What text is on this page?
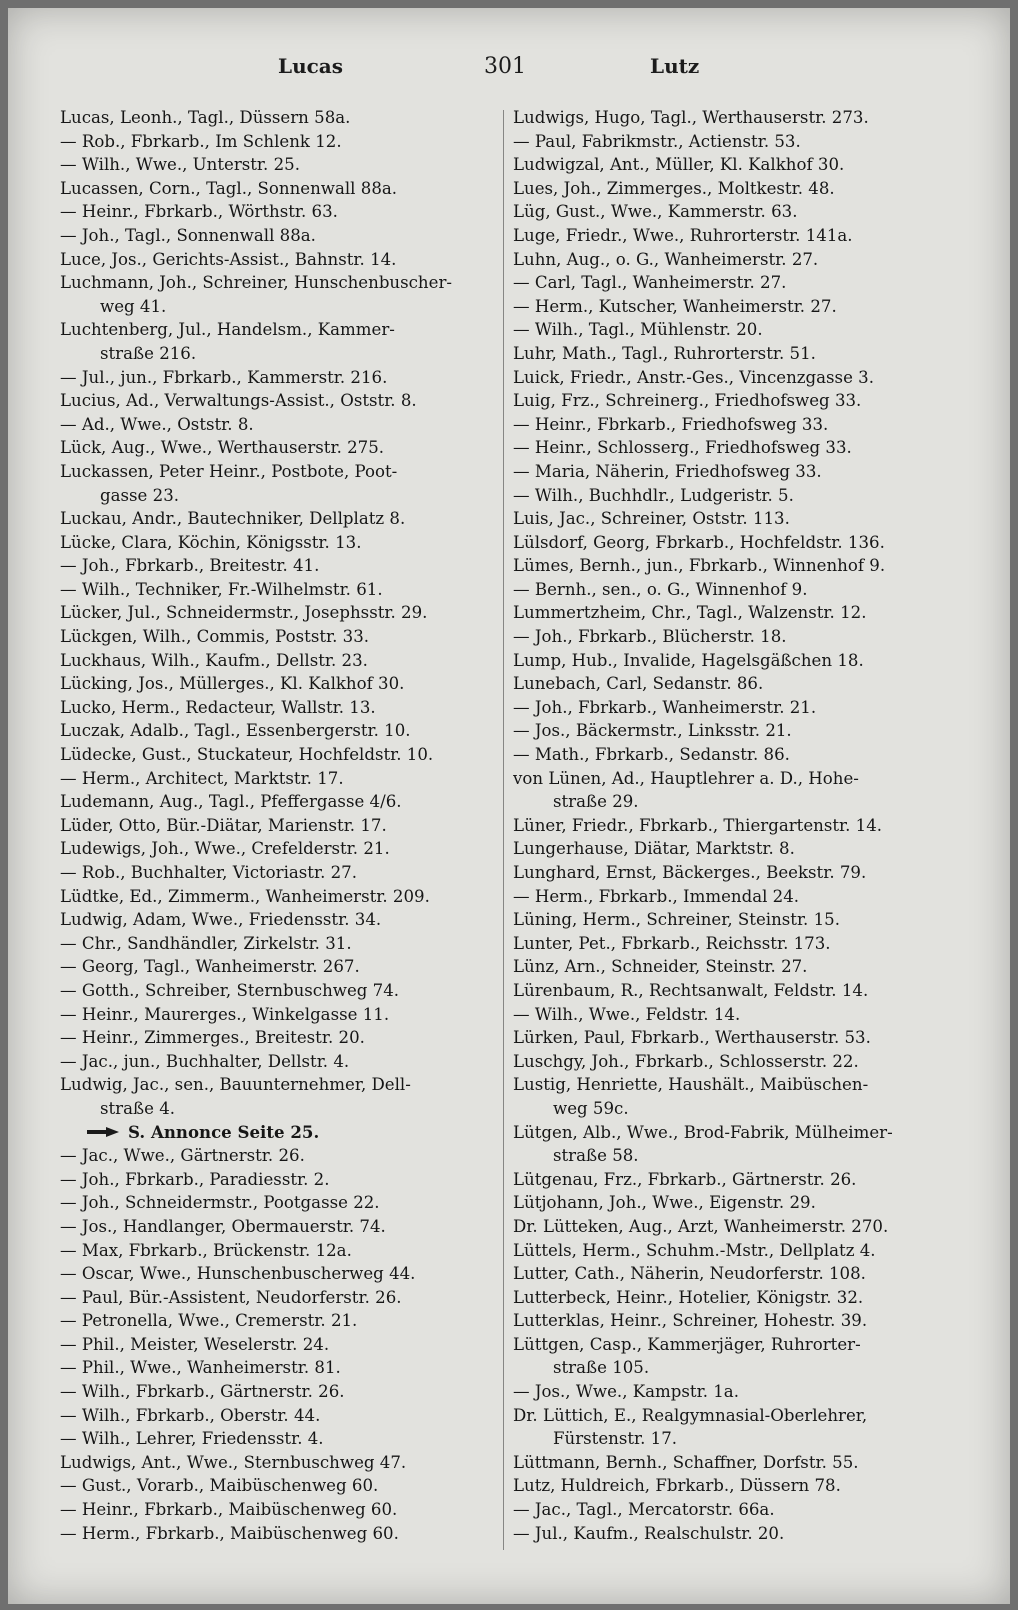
Lucas	301	Lutz
Lucas, Leonh., Tagl., Düssern 58a.
— Rob., Fbrkarb., Im Schlenk 12.
— Wilh., Wwe., Unterstr. 25.
Lucassen, Corn., Tagl., Sonnenwall 88a.
— Heinr., Fbrkarb., Wörthstr. 63.
— Joh., Tagl., Sonnenwall 88a.
Luce, Jos., Gerichts-Assist., Bahnstr. 14.
Luchmann, Joh., Schreiner, Hunschenbuscher-
weg 41.
Luchtenberg, Jul., Handelsm., Kammer-
straße 216.
— Jul., jun., Fbrkarb., Kammerstr. 216.
Lucius, Ad., Verwaltungs-Assist., Oststr. 8.
— Ad., Wwe., Oststr. 8.
Lück, Aug., Wwe., Werthauserstr. 275.
Luckassen, Peter Heinr., Postbote, Poot-
gasse 23.
Luckau, Andr., Bautechniker, Dellplatz 8.
Lücke, Clara, Köchin, Königsstr. 13.
— Joh., Fbrkarb., Breitestr. 41.
— Wilh., Techniker, Fr.-Wilhelmstr. 61.
Lücker, Jul., Schneidermstr., Josephsstr. 29.
Lückgen, Wilh., Commis, Poststr. 33.
Luckhaus, Wilh., Kaufm., Dellstr. 23.
Lücking, Jos., Müllerges., Kl. Kalkhof 30.
Lucko, Herm., Redacteur, Wallstr. 13.
Luczak, Adalb., Tagl., Essenbergerstr. 10.
Lüdecke, Gust., Stuckateur, Hochfeldstr. 10.
— Herm., Architect, Marktstr. 17.
Ludemann, Aug., Tagl., Pfeffergasse 4/6.
Lüder, Otto, Bür.-Diätar, Marienstr. 17.
Ludewigs, Joh., Wwe., Crefelderstr. 21.
— Rob., Buchhalter, Victoriastr. 27.
Lüdtke, Ed., Zimmerm., Wanheimerstr. 209.
Ludwig, Adam, Wwe., Friedensstr. 34.
— Chr., Sandhändler, Zirkelstr. 31.
— Georg, Tagl., Wanheimerstr. 267.
— Gotth., Schreiber, Sternbuschweg 74.
— Heinr., Maurerges., Winkelgasse 11.
— Heinr., Zimmerges., Breitestr. 20.
— Jac., jun., Buchhalter, Dellstr. 4.
Ludwig, Jac., sen., Bauunternehmer, Dell-
straße 4.
S. Annonce Seite 25.
— Jac., Wwe., Gärtnerstr. 26.
— Joh., Fbrkarb., Paradiesstr. 2.
— Joh., Schneidermstr., Pootgasse 22.
— Jos., Handlanger, Obermauerstr. 74.
— Max, Fbrkarb., Brückenstr. 12a.
— Oscar, Wwe., Hunschenbuscherweg 44.
— Paul, Bür.-Assistent, Neudorferstr. 26.
— Petronella, Wwe., Cremerstr. 21.
— Phil., Meister, Weselerstr. 24.
— Phil., Wwe., Wanheimerstr. 81.
— Wilh., Fbrkarb., Gärtnerstr. 26.
— Wilh., Fbrkarb., Oberstr. 44.
— Wilh., Lehrer, Friedensstr. 4.
Ludwigs, Ant., Wwe., Sternbuschweg 47.
— Gust., Vorarb., Maibüschenweg 60.
— Heinr., Fbrkarb., Maibüschenweg 60.
— Herm., Fbrkarb., Maibüschenweg 60.
Ludwigs, Hugo, Tagl., Werthauserstr. 273.
— Paul, Fabrikmstr., Actienstr. 53.
Ludwigzal, Ant., Müller, Kl. Kalkhof 30.
Lues, Joh., Zimmerges., Moltkestr. 48.
Lüg, Gust., Wwe., Kammerstr. 63.
Luge, Friedr., Wwe., Ruhrorterstr. 141a.
Luhn, Aug., o. G., Wanheimerstr. 27.
— Carl, Tagl., Wanheimerstr. 27.
— Herm., Kutscher, Wanheimerstr. 27.
— Wilh., Tagl., Mühlenstr. 20.
Luhr, Math., Tagl., Ruhrorterstr. 51.
Luick, Friedr., Anstr.-Ges., Vincenzgasse 3.
Luig, Frz., Schreinerg., Friedhofsweg 33.
— Heinr., Fbrkarb., Friedhofsweg 33.
— Heinr., Schlosserg., Friedhofsweg 33.
— Maria, Näherin, Friedhofsweg 33.
— Wilh., Buchhdlr., Ludgeristr. 5.
Luis, Jac., Schreiner, Oststr. 113.
Lülsdorf, Georg, Fbrkarb., Hochfeldstr. 136.
Lümes, Bernh., jun., Fbrkarb., Winnenhof 9.
— Bernh., sen., o. G., Winnenhof 9.
Lummertzheim, Chr., Tagl., Walzenstr. 12.
— Joh., Fbrkarb., Blücherstr. 18.
Lump, Hub., Invalide, Hagelsgäßchen 18.
Lunebach, Carl, Sedanstr. 86.
— Joh., Fbrkarb., Wanheimerstr. 21.
— Jos., Bäckermstr., Linksstr. 21.
— Math., Fbrkarb., Sedanstr. 86.
von Lünen, Ad., Hauptlehrer a. D., Hohe-
straße 29.
Lüner, Friedr., Fbrkarb., Thiergartenstr. 14.
Lungerhause, Diätar, Marktstr. 8.
Lunghard, Ernst, Bäckerges., Beekstr. 79.
— Herm., Fbrkarb., Immendal 24.
Lüning, Herm., Schreiner, Steinstr. 15.
Lunter, Pet., Fbrkarb., Reichsstr. 173.
Lünz, Arn., Schneider, Steinstr. 27.
Lürenbaum, R., Rechtsanwalt, Feldstr. 14.
— Wilh., Wwe., Feldstr. 14.
Lürken, Paul, Fbrkarb., Werthauserstr. 53.
Luschgy, Joh., Fbrkarb., Schlosserstr. 22.
Lustig, Henriette, Haushält., Maibüschen-
weg 59c.
Lütgen, Alb., Wwe., Brod-Fabrik, Mülheimer-
straße 58.
Lütgenau, Frz., Fbrkarb., Gärtnerstr. 26.
Lütjohann, Joh., Wwe., Eigenstr. 29.
Dr. Lütteken, Aug., Arzt, Wanheimerstr. 270.
Lüttels, Herm., Schuhm.-Mstr., Dellplatz 4.
Lutter, Cath., Näherin, Neudorferstr. 108.
Lutterbeck, Heinr., Hotelier, Königstr. 32.
Lutterklas, Heinr., Schreiner, Hohestr. 39.
Lüttgen, Casp., Kammerjäger, Ruhrorter-
straße 105.
— Jos., Wwe., Kampstr. 1a.
Dr. Lüttich, E., Realgymnasial-Oberlehrer,
Fürstenstr. 17.
Lüttmann, Bernh., Schaffner, Dorfstr. 55.
Lutz, Huldreich, Fbrkarb., Düssern 78.
— Jac., Tagl., Mercatorstr. 66a.
— Jul., Kaufm., Realschulstr. 20.
